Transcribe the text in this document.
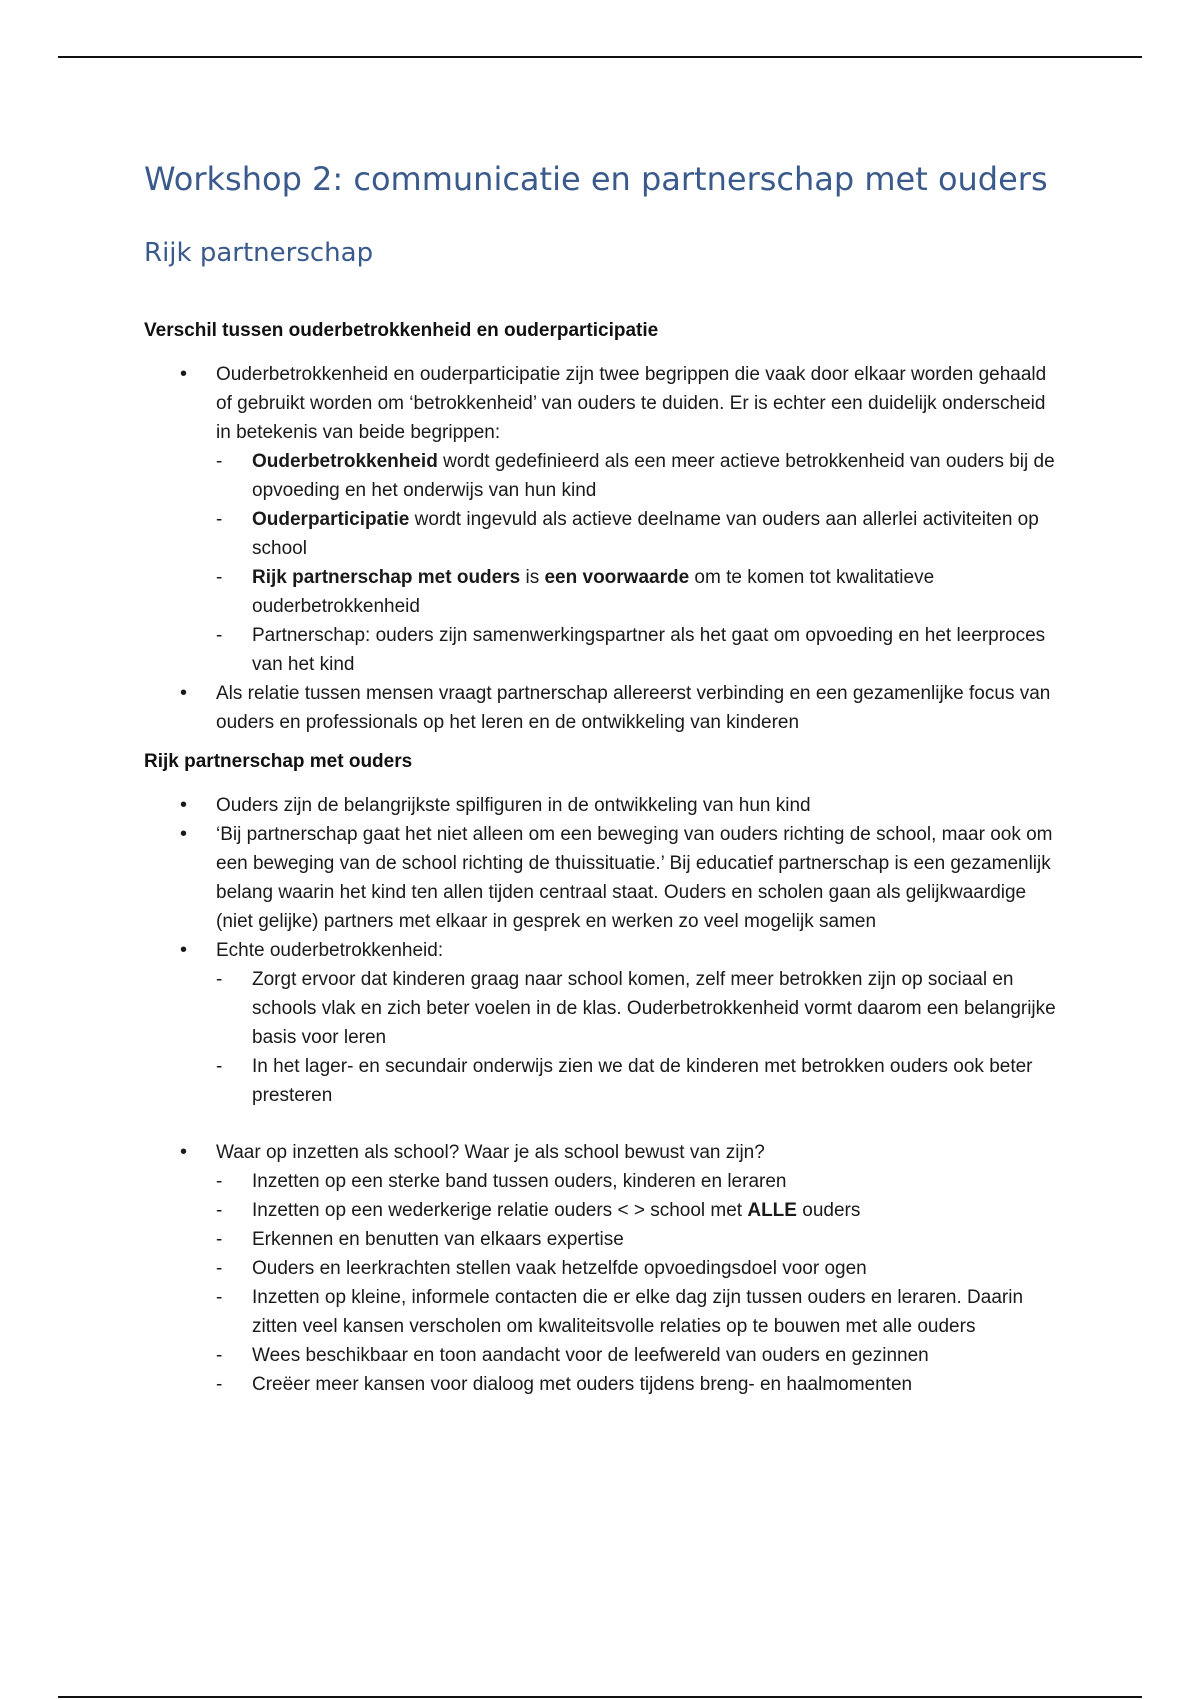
Workshop 2: communicatie en partnerschap met ouders
Rijk partnerschap
Verschil tussen ouderbetrokkenheid en ouderparticipatie
• Ouderbetrokkenheid en ouderparticipatie zijn twee begrippen die vaak door elkaar worden gehaald of gebruikt worden om ‘betrokkenheid’ van ouders te duiden. Er is echter een duidelijk onderscheid in betekenis van beide begrippen:
- Ouderbetrokkenheid wordt gedefinieerd als een meer actieve betrokkenheid van ouders bij de opvoeding en het onderwijs van hun kind
- Ouderparticipatie wordt ingevuld als actieve deelname van ouders aan allerlei activiteiten op school
- Rijk partnerschap met ouders is een voorwaarde om te komen tot kwalitatieve ouderbetrokkenheid
- Partnerschap: ouders zijn samenwerkingspartner als het gaat om opvoeding en het leerproces van het kind
• Als relatie tussen mensen vraagt partnerschap allereerst verbinding en een gezamenlijke focus van ouders en professionals op het leren en de ontwikkeling van kinderen
Rijk partnerschap met ouders
• Ouders zijn de belangrijkste spilfiguren in de ontwikkeling van hun kind
• ‘Bij partnerschap gaat het niet alleen om een beweging van ouders richting de school, maar ook om een beweging van de school richting de thuissituatie.’ Bij educatief partnerschap is een gezamenlijk belang waarin het kind ten allen tijden centraal staat. Ouders en scholen gaan als gelijkwaardige (niet gelijke) partners met elkaar in gesprek en werken zo veel mogelijk samen
• Echte ouderbetrokkenheid:
- Zorgt ervoor dat kinderen graag naar school komen, zelf meer betrokken zijn op sociaal en schools vlak en zich beter voelen in de klas. Ouderbetrokkenheid vormt daarom een belangrijke basis voor leren
- In het lager- en secundair onderwijs zien we dat de kinderen met betrokken ouders ook beter presteren
• Waar op inzetten als school? Waar je als school bewust van zijn?
- Inzetten op een sterke band tussen ouders, kinderen en leraren
- Inzetten op een wederkerige relatie ouders < > school met ALLE ouders
- Erkennen en benutten van elkaars expertise
- Ouders en leerkrachten stellen vaak hetzelfde opvoedingsdoel voor ogen
- Inzetten op kleine, informele contacten die er elke dag zijn tussen ouders en leraren. Daarin zitten veel kansen verscholen om kwaliteitsvolle relaties op te bouwen met alle ouders
- Wees beschikbaar en toon aandacht voor de leefwereld van ouders en gezinnen
- Creëer meer kansen voor dialoog met ouders tijdens breng- en haalmomenten
